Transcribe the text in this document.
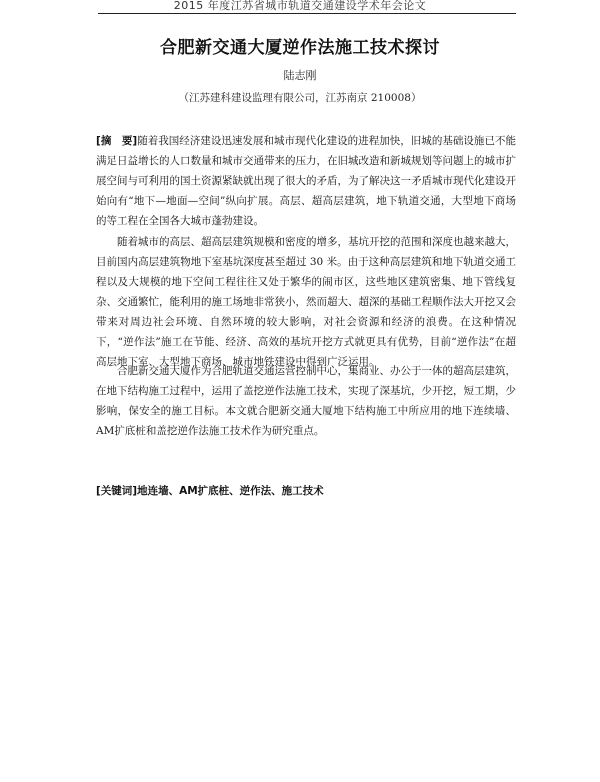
2015 年度江苏省城市轨道交通建设学术年会论文
合肥新交通大厦逆作法施工技术探讨
陆志刚
（江苏建科建设监理有限公司，江苏南京 210008）
[摘　要]随着我国经济建设迅速发展和城市现代化建设的进程加快，旧城的基础设施已不能满足日益增长的人口数量和城市交通带来的压力，在旧城改造和新城规划等问题上的城市扩展空间与可利用的国土资源紧缺就出现了很大的矛盾，为了解决这一矛盾城市现代化建设开始向有“地下—地面—空间”纵向扩展。高层、超高层建筑，地下轨道交通，大型地下商场的等工程在全国各大城市蓬勃建设。
随着城市的高层、超高层建筑规模和密度的增多，基坑开挖的范围和深度也越来越大，目前国内高层建筑物地下室基坑深度甚至超过 30 米。由于这种高层建筑和地下轨道交通工程以及大规模的地下空间工程往往又处于繁华的闹市区，这些地区建筑密集、地下管线复杂、交通繁忙，能利用的施工场地非常狭小，然而超大、超深的基础工程顺作法大开挖又会带来对周边社会环境、自然环境的较大影响，对社会资源和经济的浪费。在这种情况下，“逆作法”施工在节能、经济、高效的基坑开挖方式就更具有优势，目前“逆作法”在超高层地下室、大型地下商场、城市地铁建设中得到广泛运用。
合肥新交通大厦作为合肥轨道交通运营控制中心，集商业、办公于一体的超高层建筑，在地下结构施工过程中，运用了盖挖逆作法施工技术，实现了深基坑，少开挖，短工期，少影响，保安全的施工目标。本文就合肥新交通大厦地下结构施工中所应用的地下连续墙、AM扩底桩和盖挖逆作法施工技术作为研究重点。
[关键词]地连墙、AM扩底桩、逆作法、施工技术
